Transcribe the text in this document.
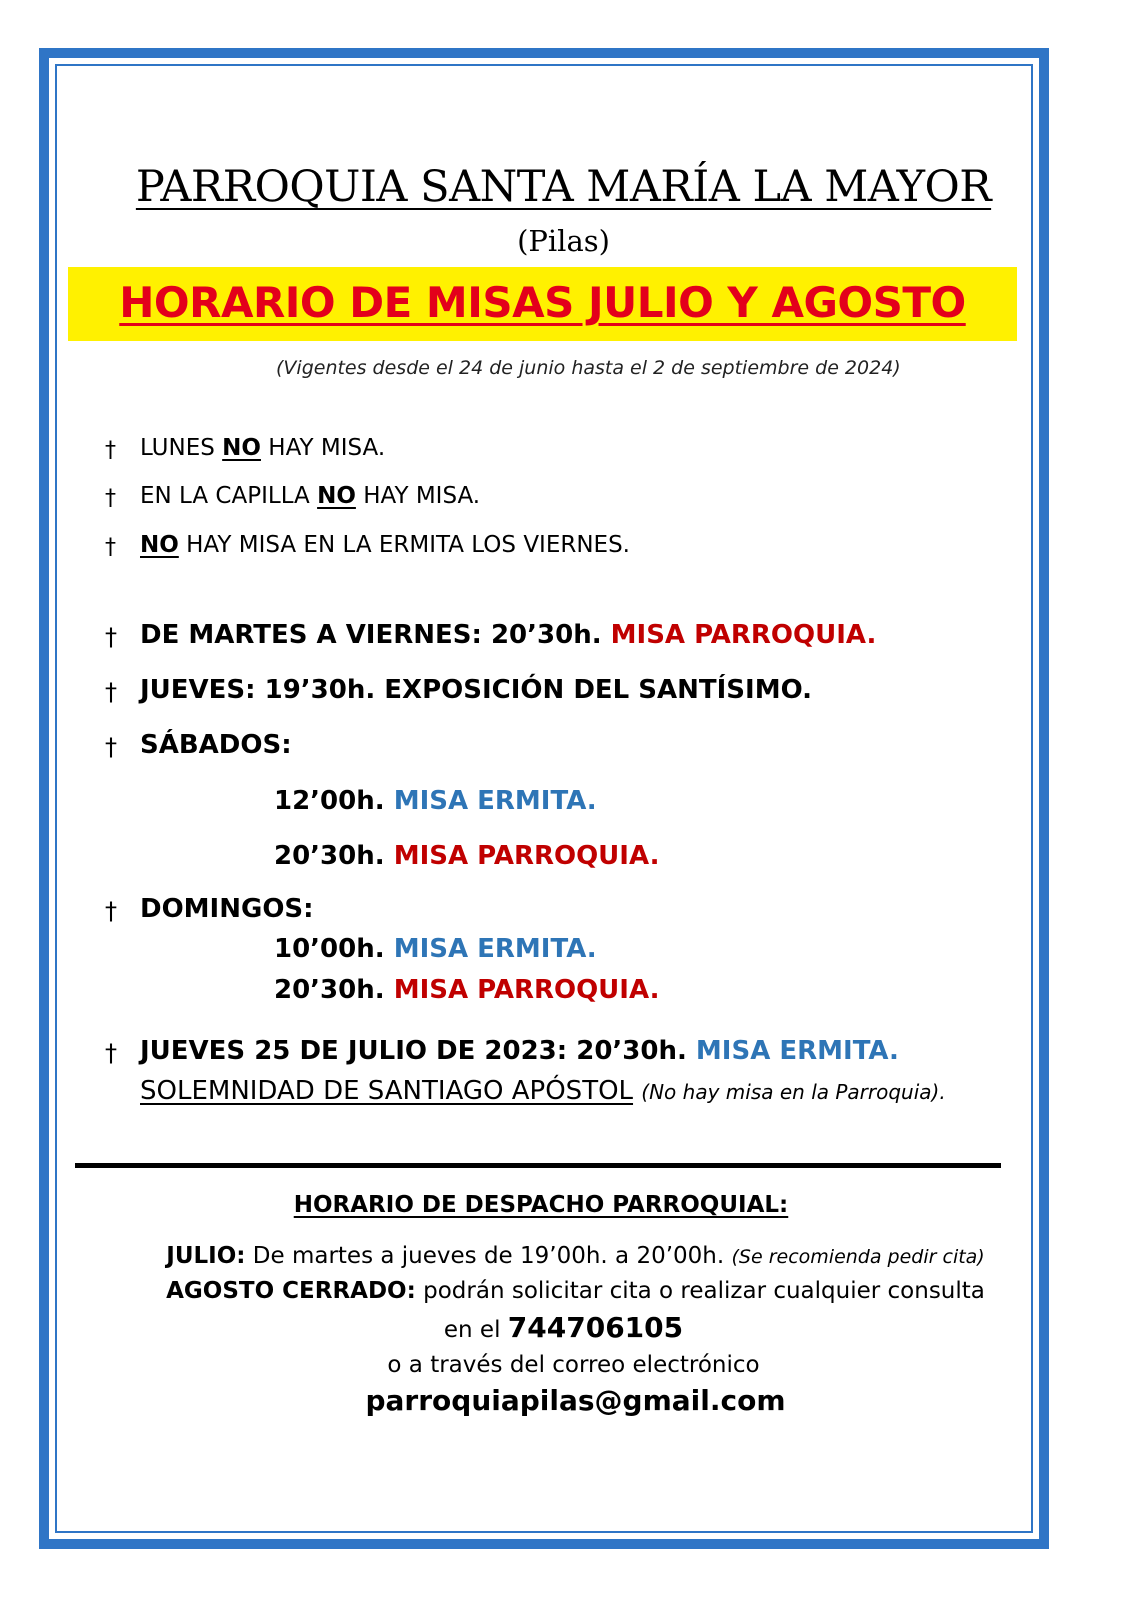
PARROQUIA SANTA MARÍA LA MAYOR
(Pilas)
HORARIO DE MISAS JULIO Y AGOSTO
(Vigentes desde el 24 de junio hasta el 2 de septiembre de 2024)
† LUNES NO HAY MISA.
† EN LA CAPILLA NO HAY MISA.
† NO HAY MISA EN LA ERMITA LOS VIERNES.
† DE MARTES A VIERNES: 20’30h. MISA PARROQUIA.
† JUEVES: 19’30h. EXPOSICIÓN DEL SANTÍSIMO.
† SÁBADOS:
12’00h. MISA ERMITA.
20’30h. MISA PARROQUIA.
† DOMINGOS:
10’00h. MISA ERMITA.
20’30h. MISA PARROQUIA.
† JUEVES 25 DE JULIO DE 2023: 20’30h. MISA ERMITA.
SOLEMNIDAD DE SANTIAGO APÓSTOL (No hay misa en la Parroquia).
HORARIO DE DESPACHO PARROQUIAL:
JULIO: De martes a jueves de 19’00h. a 20’00h. (Se recomienda pedir cita)
AGOSTO CERRADO: podrán solicitar cita o realizar cualquier consulta
en el 744706105
o a través del correo electrónico
parroquiapilas@gmail.com
